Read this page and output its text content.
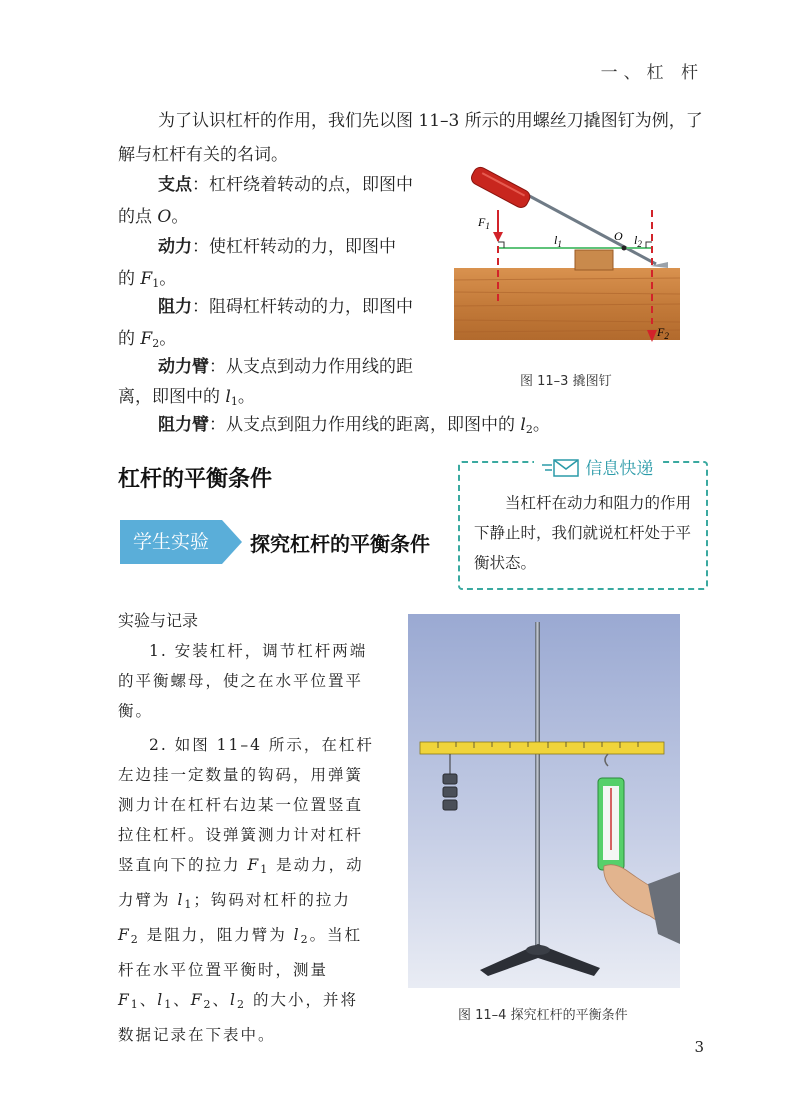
一、杠 杆
为了认识杠杆的作用，我们先以图 11–3 所示的用螺丝刀撬图钉为例，了
解与杠杆有关的名词。
支点：杠杆绕着转动的点，即图中
的点 O。
动力：使杠杆转动的力，即图中
的 $F_1$。
阻力：阻碍杠杆转动的力，即图中
的 $F_2$。
动力臂：从支点到动力作用线的距
离，即图中的 $l_1$。
阻力臂：从支点到阻力作用线的距离，即图中的 $l_2$。
$F_1$
$l_1$
O $l_2$
$F_2$
图 11–3 撬图钉
杠杆的平衡条件	信息快递
当杠杆在动力和阻力的作用下静止时，我们就说杠杆处于平衡状态。
学生实验	探究杠杆的平衡条件
实验与记录

1. 安装杠杆，调节杠杆两端的平衡螺母，使之在水平位置平衡。

2. 如图 11–4 所示，在杠杆左边挂一定数量的钩码，用弹簧测力计在杠杆右边某一位置竖直拉住杠杆。设弹簧测力计对杠杆竖直向下的拉力 $F_1$ 是动力，动力臂为 $l_1$；钩码对杠杆的拉力 $F_2$ 是阻力，阻力臂为 $l_2$。当杠杆在水平位置平衡时，测量 $F_1$、$l_1$、$F_2$、$l_2$ 的大小，并将数据记录在下表中。

图 11–4 探究杠杆的平衡条件
3
